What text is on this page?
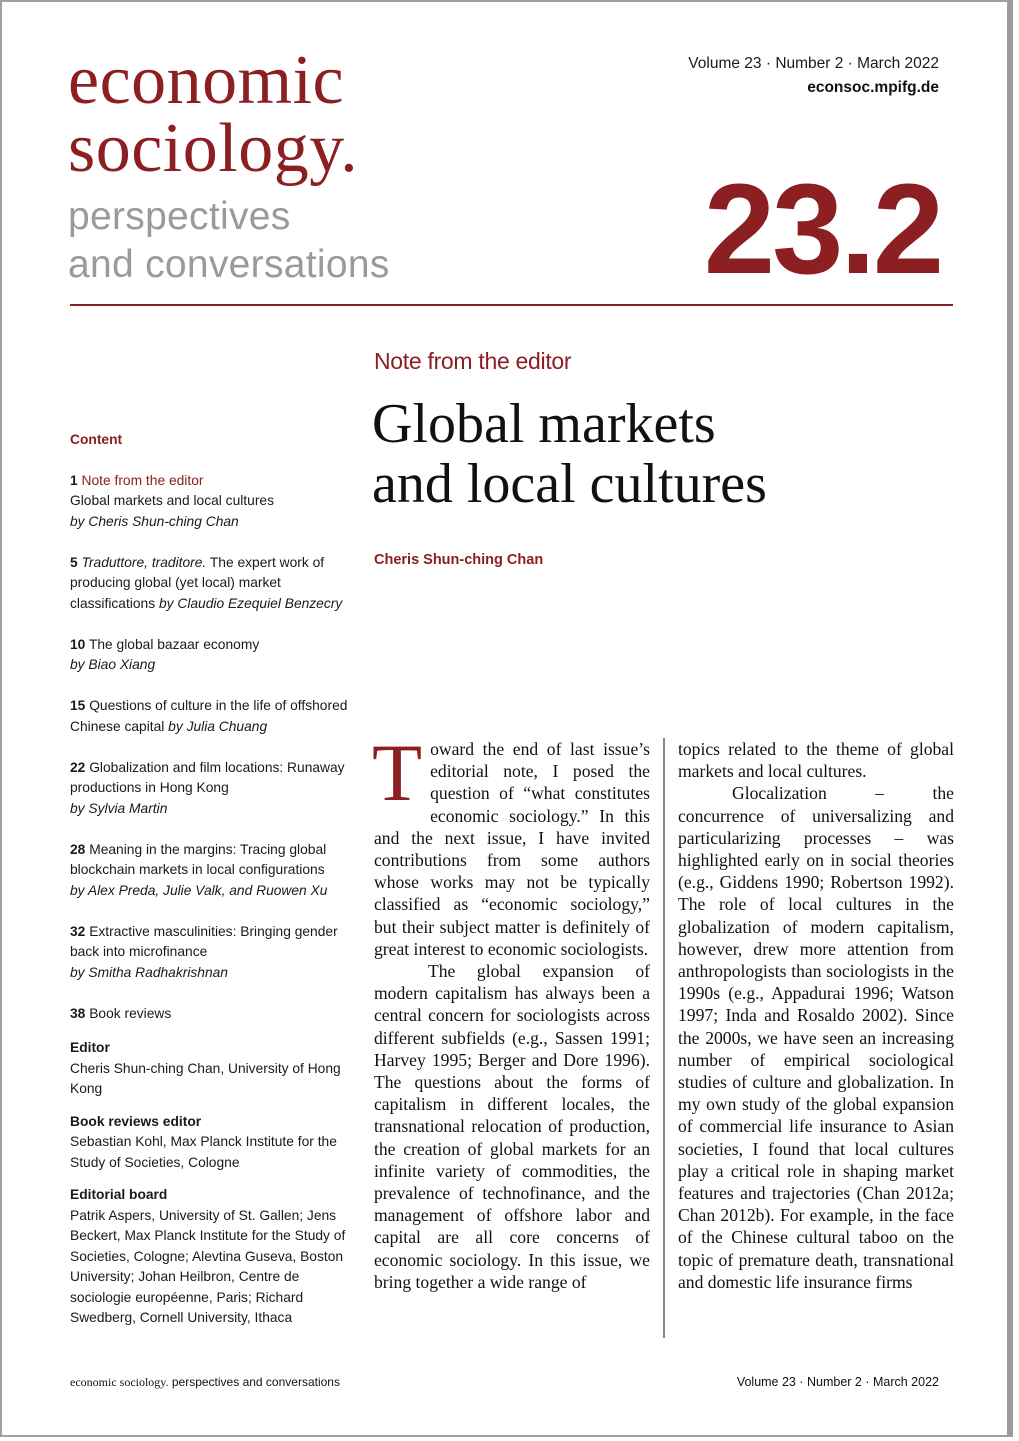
economic
sociology.
perspectives
and conversations
Volume 23 · Number 2 · March 2022
econsoc.mpifg.de
23.2
Note from the editor
Global markets
and local cultures
Cheris Shun-ching Chan
Content
1 Note from the editor
Global markets and local cultures
by Cheris Shun-ching Chan
5 Traduttore, traditore. The expert work of producing global (yet local) market classifications by Claudio Ezequiel Benzecry
10 The global bazaar economy
by Biao Xiang
15 Questions of culture in the life of offshored Chinese capital by Julia Chuang
22 Globalization and film locations: Runaway productions in Hong Kong
by Sylvia Martin
28 Meaning in the margins: Tracing global blockchain markets in local configurations
by Alex Preda, Julie Valk, and Ruowen Xu
32 Extractive masculinities: Bringing gender back into microfinance
by Smitha Radhakrishnan
38 Book reviews
Editor
Cheris Shun-ching Chan, University of Hong Kong
Book reviews editor
Sebastian Kohl, Max Planck Institute for the Study of Societies, Cologne
Editorial board
Patrik Aspers, University of St. Gallen; Jens Beckert, Max Planck Institute for the Study of Societies, Cologne; Alevtina Guseva, Boston University; Johan Heilbron, Centre de sociologie européenne, Paris; Richard Swedberg, Cornell University, Ithaca

Toward the end of last issue’s editorial note, I posed the question of “what constitutes economic sociology.” In this and the next issue, I have invited contributions from some authors whose works may not be typically classified as “economic sociology,” but their subject matter is definitely of great interest to economic sociologists.

The global expansion of modern capitalism has always been a central concern for sociologists across different subfields (e.g., Sassen 1991; Harvey 1995; Berger and Dore 1996). The questions about the forms of capitalism in different locales, the transnational relocation of production, the creation of global markets for an infinite variety of commodities, the prevalence of technofinance, and the management of offshore labor and capital are all core concerns of economic sociology. In this issue, we bring together a wide range of

topics related to the theme of global markets and local cultures.

Glocalization – the concurrence of universalizing and particularizing processes – was highlighted early on in social theories (e.g., Giddens 1990; Robertson 1992). The role of local cultures in the globalization of modern capitalism, however, drew more attention from anthropologists than sociologists in the 1990s (e.g., Appadurai 1996; Watson 1997; Inda and Rosaldo 2002). Since the 2000s, we have seen an increasing number of empirical sociological studies of culture and globalization. In my own study of the global expansion of commercial life insurance to Asian societies, I found that local cultures play a critical role in shaping market features and trajectories (Chan 2012a; Chan 2012b). For example, in the face of the Chinese cultural taboo on the topic of premature death, transnational and domestic life insurance firms

economic sociology. perspectives and conversations	Volume 23 · Number 2 · March 2022
